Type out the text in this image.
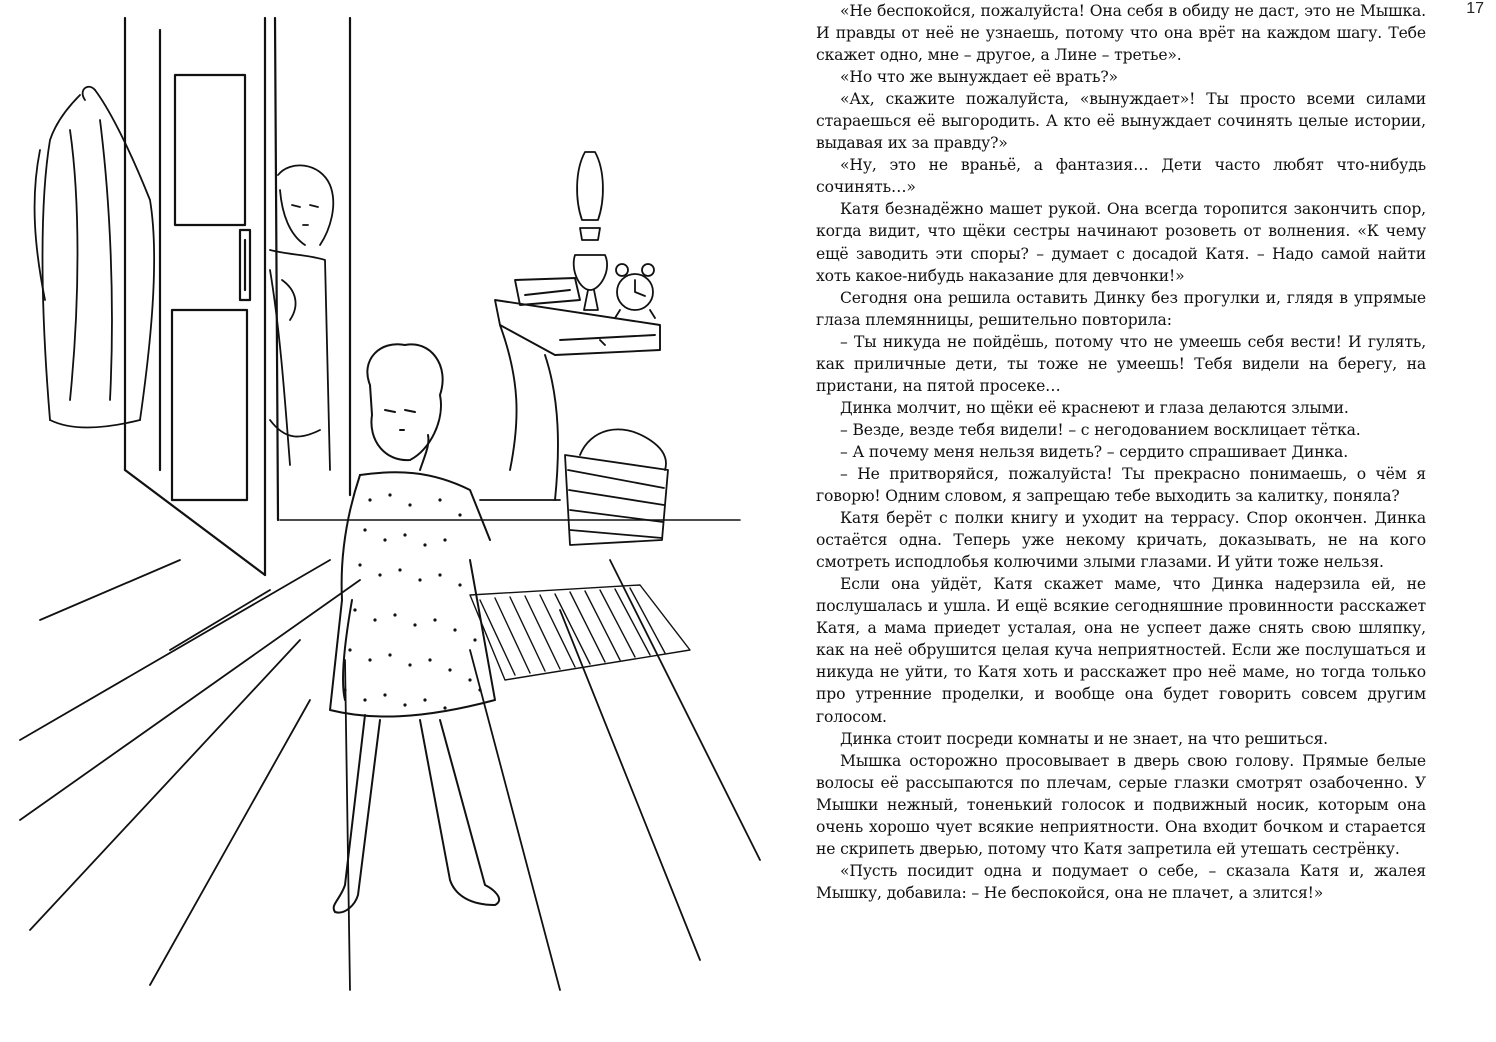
17

«Не беспокойся, пожалуйста! Она себя в обиду не даст, это не Мышка. И правды от неё не узнаешь, потому что она врёт на каждом шагу. Тебе скажет одно, мне – другое, а Лине – третье».

«Но что же вынуждает её врать?»

«Ах, скажите пожалуйста, «вынуждает»! Ты просто всеми силами стараешься её выгородить. А кто её вынуждает сочинять целые истории, выдавая их за правду?»

«Ну, это не враньё, а фантазия… Дети часто любят что-нибудь сочинять…»

Катя безнадёжно машет рукой. Она всегда торопится закончить спор, когда видит, что щёки сестры начинают розоветь от волнения. «К чему ещё заводить эти споры? – думает с досадой Катя. – Надо самой найти хоть какое-нибудь наказание для девчонки!»

Сегодня она решила оставить Динку без прогулки и, глядя в упрямые глаза племянницы, решительно повторила:

– Ты никуда не пойдёшь, потому что не умеешь себя вести! И гулять, как приличные дети, ты тоже не умеешь! Тебя видели на берегу, на пристани, на пятой просеке…

Динка молчит, но щёки её краснеют и глаза делаются злыми.

– Везде, везде тебя видели! – с негодованием восклицает тётка.

– А почему меня нельзя видеть? – сердито спрашивает Динка.

– Не притворяйся, пожалуйста! Ты прекрасно понимаешь, о чём я говорю! Одним словом, я запрещаю тебе выходить за калитку, поняла?

Катя берёт с полки книгу и уходит на террасу. Спор окончен. Динка остаётся одна. Теперь уже некому кричать, доказывать, не на кого смотреть исподлобья колючими злыми глазами. И уйти тоже нельзя.

Если она уйдёт, Катя скажет маме, что Динка надерзила ей, не послушалась и ушла. И ещё всякие сегодняшние провинности расскажет Катя, а мама приедет усталая, она не успеет даже снять свою шляпку, как на неё обрушится целая куча неприятностей. Если же послушаться и никуда не уйти, то Катя хоть и расскажет про неё маме, но тогда только про утренние проделки, и вообще она будет говорить совсем другим голосом.

Динка стоит посреди комнаты и не знает, на что решиться.

Мышка осторожно просовывает в дверь свою голову. Прямые белые волосы её рассыпаются по плечам, серые глазки смотрят озабоченно. У Мышки нежный, тоненький голосок и подвижный носик, которым она очень хорошо чует всякие неприятности. Она входит бочком и старается не скрипеть дверью, потому что Катя запретила ей утешать сестрёнку.

«Пусть посидит одна и подумает о себе, – сказала Катя и, жалея Мышку, добавила: – Не беспокойся, она не плачет, а злится!»
